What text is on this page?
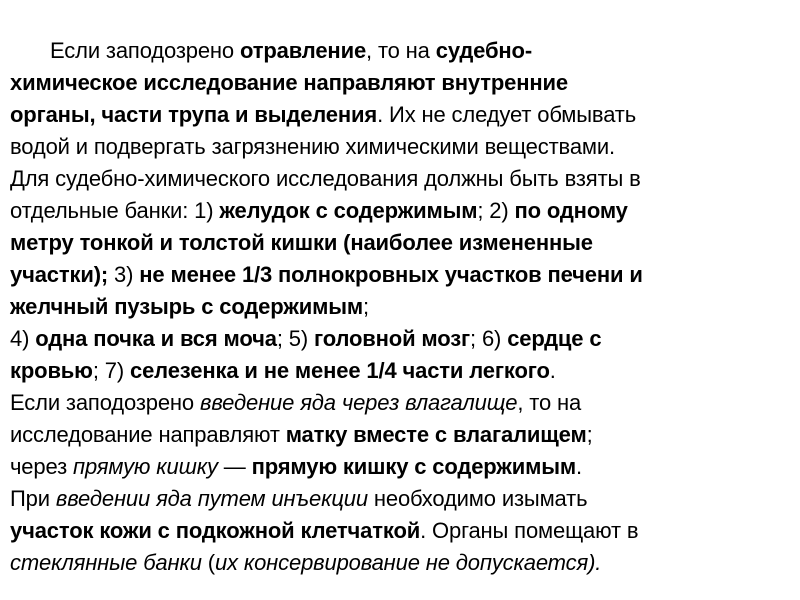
Если заподозрено отравление, то на судебно-
химическое исследование направляют внутренние
органы, части трупа и выделения. Их не следует обмывать
водой и подвергать загрязнению химическими веществами.
Для судебно-химического исследования должны быть взяты в
отдельные банки: 1) желудок с содержимым; 2) по одному
метру тонкой и толстой кишки (наиболее измененные
участки); 3) не менее 1/3 полнокровных участков печени и
желчный пузырь с содержимым;
4) одна почка и вся моча; 5) головной мозг; 6) сердце с
кровью; 7) селезенка и не менее 1/4 части легкого.
Если заподозрено введение яда через влагалище, то на
исследование направляют матку вместе с влагалищем;
через прямую кишку — прямую кишку с содержимым.
При введении яда путем инъекции необходимо изымать
участок кожи с подкожной клетчаткой. Органы помещают в
стеклянные банки (их консервирование не допускается).
